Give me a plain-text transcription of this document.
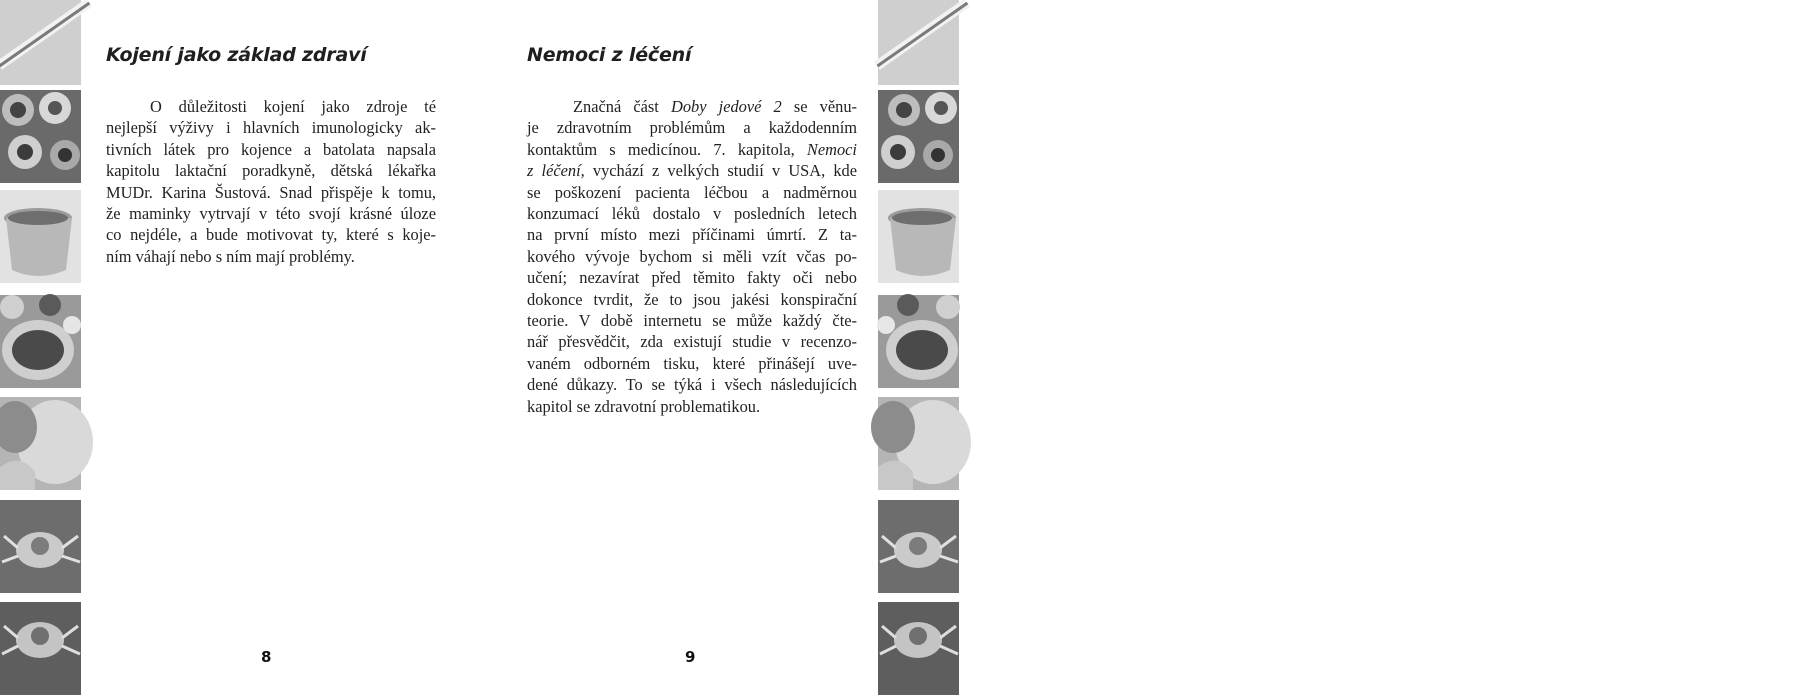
9
Kojení jako základ zdraví
O důležitosti kojení jako zdroje té
nejlepší výživy i hlavních imunologicky ak-
tivních látek pro kojence a batolata napsala
kapitolu laktační poradkyně, dětská lékařka
MUDr. Karina Šustová. Snad přispěje k tomu,
že maminky vytrvají v této svojí krásné úloze
co nejdéle, a bude motivovat ty, které s koje-
ním váhají nebo s ním mají problémy.
8
Nemoci z léčení
Značná část Doby jedové 2 se věnu-
je zdravotním problémům a každodenním
kontaktům s medicínou. 7. kapitola, Nemoci
z léčení, vychází z velkých studií v USA, kde
se poškození pacienta léčbou a nadměrnou
konzumací léků dostalo v posledních letech
na první místo mezi příčinami úmrtí. Z ta-
kového vývoje bychom si měli vzít včas po-
učení; nezavírat před těmito fakty oči nebo
dokonce tvrdit, že to jsou jakési konspirační
teorie. V době internetu se může každý čte-
nář přesvědčit, zda existují studie v recenzo-
vaném odborném tisku, které přinášejí uve-
dené důkazy. To se týká i všech následujících
kapitol se zdravotní problematikou.
9
